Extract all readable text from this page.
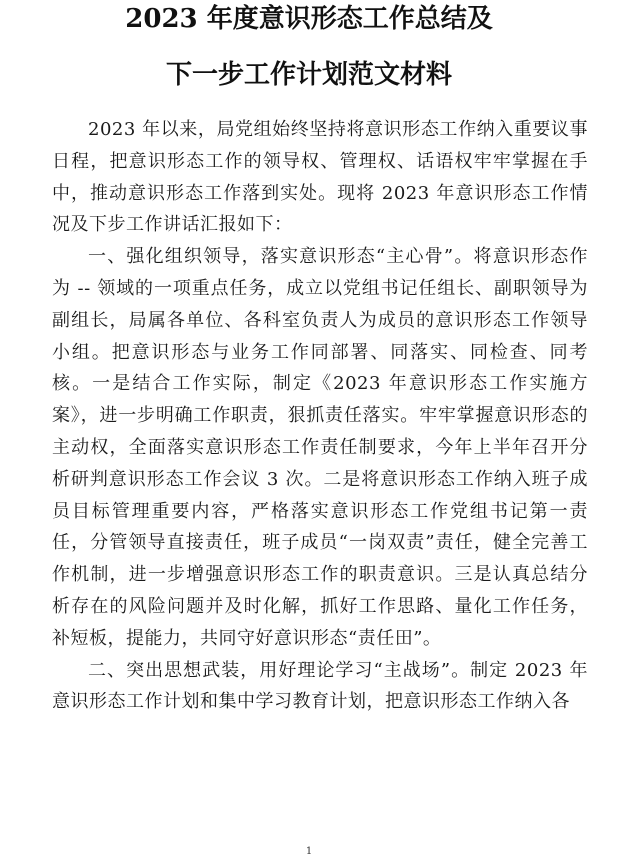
2023 年度意识形态工作总结及
下一步工作计划范文材料

2023 年以来，局党组始终坚持将意识形态工作纳入重要议事日程，把意识形态工作的领导权、管理权、话语权牢牢掌握在手中，推动意识形态工作落到实处。现将 2023 年意识形态工作情况及下步工作讲话汇报如下：

一、强化组织领导，落实意识形态“主心骨”。将意识形态作为 -- 领域的一项重点任务，成立以党组书记任组长、副职领导为副组长，局属各单位、各科室负责人为成员的意识形态工作领导小组。把意识形态与业务工作同部署、同落实、同检查、同考核。一是结合工作实际，制定《2023 年意识形态工作实施方案》，进一步明确工作职责，狠抓责任落实。牢牢掌握意识形态的主动权，全面落实意识形态工作责任制要求，今年上半年召开分析研判意识形态工作会议 3 次。二是将意识形态工作纳入班子成员目标管理重要内容，严格落实意识形态工作党组书记第一责任，分管领导直接责任，班子成员“一岗双责”责任，健全完善工作机制，进一步增强意识形态工作的职责意识。三是认真总结分析存在的风险问题并及时化解，抓好工作思路、量化工作任务，补短板，提能力，共同守好意识形态“责任田”。

二、突出思想武装，用好理论学习“主战场”。制定 2023 年意识形态工作计划和集中学习教育计划，把意识形态工作纳入各

1
